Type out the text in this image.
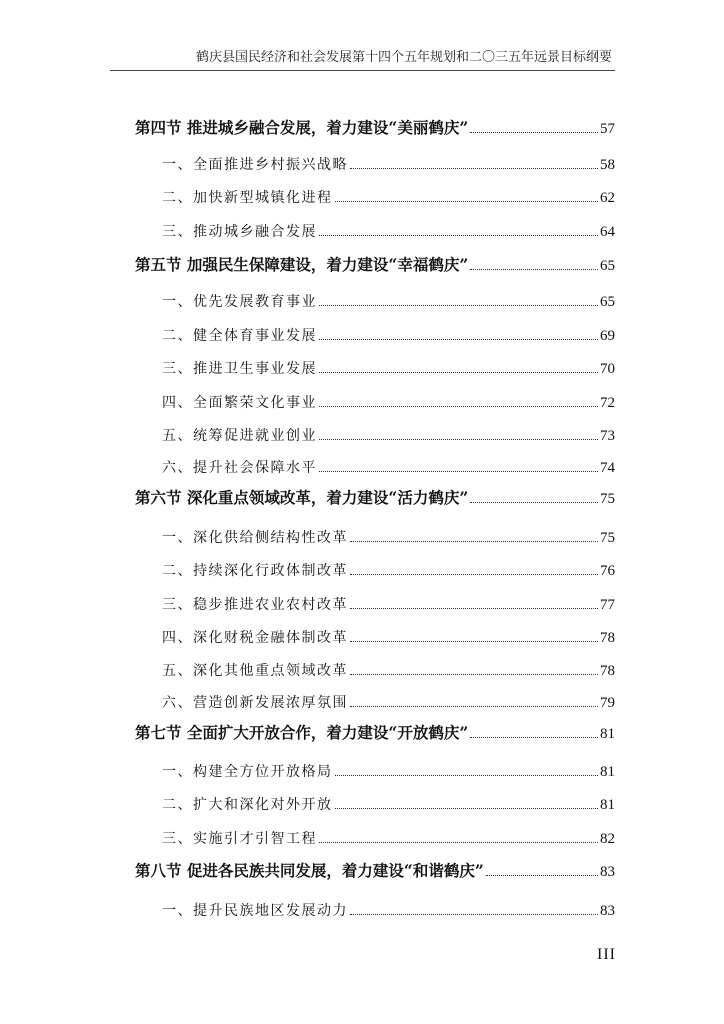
鹤庆县国民经济和社会发展第十四个五年规划和二〇三五年远景目标纲要
第四节 推进城乡融合发展，着力建设“美丽鹤庆”	57
一、全面推进乡村振兴战略	58
二、加快新型城镇化进程	62
三、推动城乡融合发展	64
第五节 加强民生保障建设，着力建设“幸福鹤庆”	65
一、优先发展教育事业	65
二、健全体育事业发展	69
三、推进卫生事业发展	70
四、全面繁荣文化事业	72
五、统筹促进就业创业	73
六、提升社会保障水平	74
第六节 深化重点领域改革，着力建设“活力鹤庆”	75
一、深化供给侧结构性改革	75
二、持续深化行政体制改革	76
三、稳步推进农业农村改革	77
四、深化财税金融体制改革	78
五、深化其他重点领域改革	78
六、营造创新发展浓厚氛围	79
第七节 全面扩大开放合作，着力建设“开放鹤庆”	81
一、构建全方位开放格局	81
二、扩大和深化对外开放	81
三、实施引才引智工程	82
第八节 促进各民族共同发展，着力建设“和谐鹤庆”	83
一、提升民族地区发展动力	83
III
